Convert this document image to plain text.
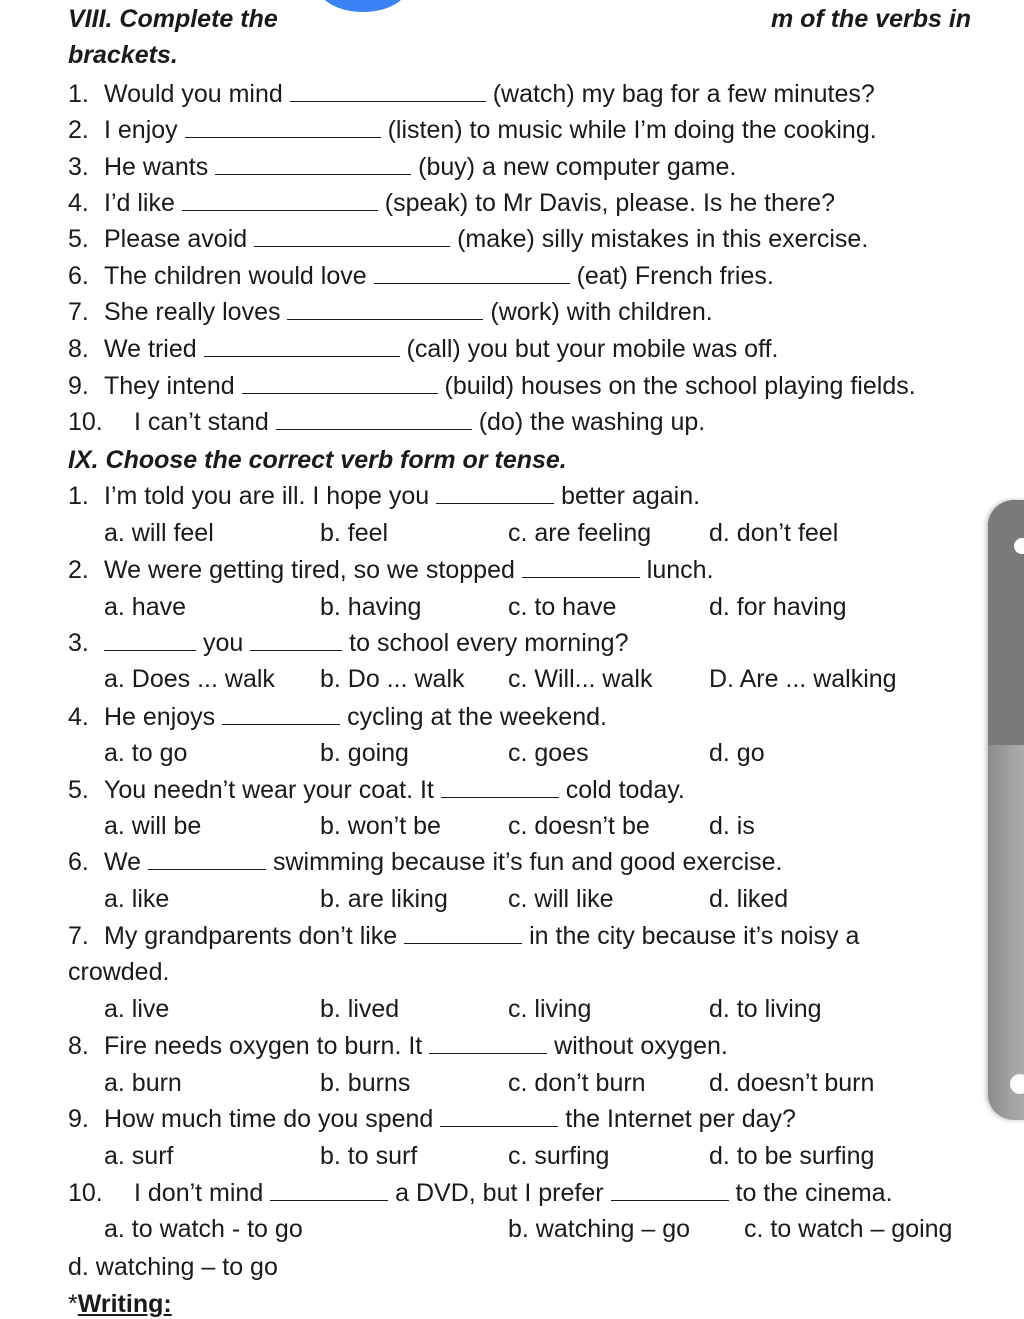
VIII. Complete the	m of the verbs in
brackets.
1. Would you mind	(watch) my bag for a few minutes?
2. I enjoy	(listen) to music while I’m doing the cooking.
3. He wants	(buy) a new computer game.
4. I’d like	(speak) to Mr Davis, please. Is he there?
5. Please avoid	(make) silly mistakes in this exercise.
6. The children would love	(eat) French fries.
7. She really loves	(work) with children.
8. We tried	(call) you but your mobile was off.
9. They intend	(build) houses on the school playing fields.
10. I can’t stand	(do) the washing up.
IX. Choose the correct verb form or tense.
1. I’m told you are ill. I hope you	better again.
a. will feel	b. feel	c. are feeling d. don’t feel
2. We were getting tired, so we stopped	lunch.
a. have	b. having	c. to have	d. for having
3.	you	to school every morning?
a. Does ... walk b. Do ... walk c. Will... walk D. Are ... walking
4. He enjoys	cycling at the weekend.
a. to go	b. going	c. goes	d. go
5. You needn’t wear your coat. It	cold today.
a. will be	b. won’t be	c. doesn’t be d. is
6. We	swimming because it’s fun and good exercise.
a. like	b. are liking c. will like	d. liked
7. My grandparents don’t like	in the city because it’s noisy a
crowded.
a. live	b. lived	c. living	d. to living
8. Fire needs oxygen to burn. It	without oxygen.
a. burn	b. burns	c. don’t burn	d. doesn’t burn
9. How much time do you spend	the Internet per day?
a. surf	b. to surf	c. surfing	d. to be surfing
10. I don’t mind	a DVD, but I prefer	to the cinema.
a. to watch - to go	b. watching – go c. to watch – going
d. watching – to go
*Writing:
